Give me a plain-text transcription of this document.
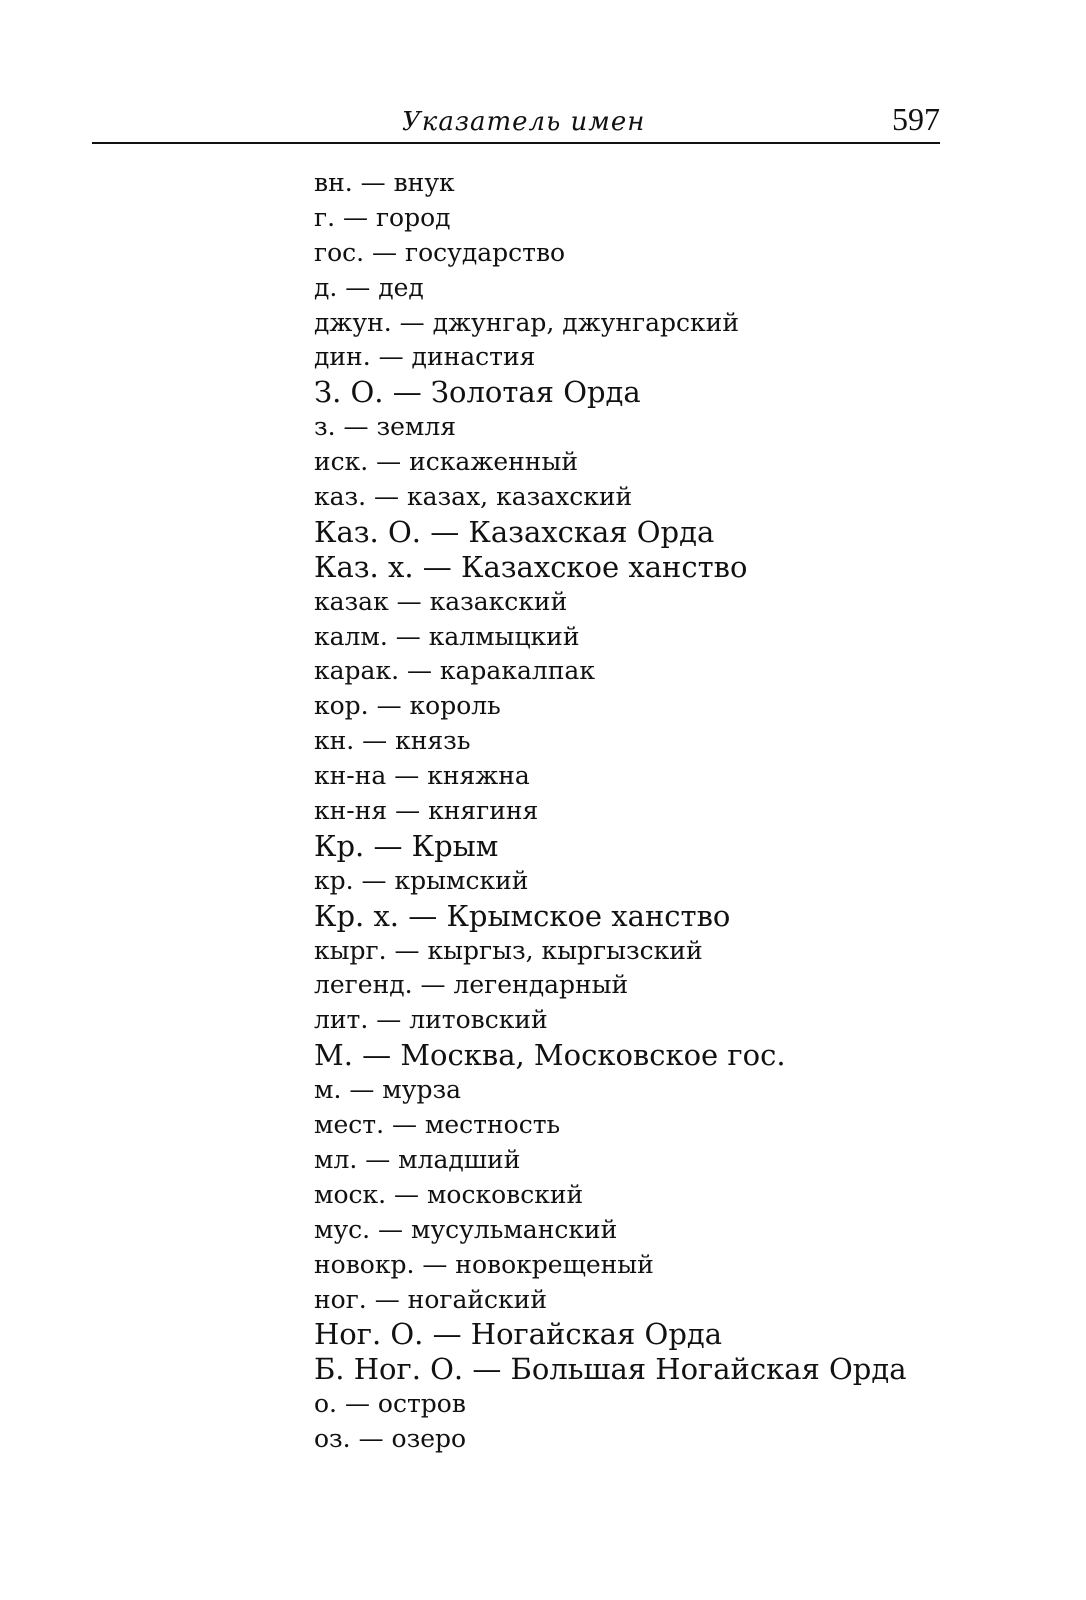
Указатель имен	597
вн. — внук
г. — город
гос. — государство
д. — дед
джун. — джунгар, джунгарский
дин. — династия
З. О. — Золотая Орда
з. — земля
иск. — искаженный
каз. — казах, казахский
Каз. О. — Казахская Орда
Каз. х. — Казахское ханство
казак — казакский
калм. — калмыцкий
карак. — каракалпак
кор. — король
кн. — князь
кн-на — княжна
кн-ня — княгиня
Кр. — Крым
кр. — крымский
Кр. х. — Крымское ханство
кырг. — кыргыз, кыргызский
легенд. — легендарный
лит. — литовский
М. — Москва, Московское гос.
м. — мурза
мест. — местность
мл. — младший
моск. — московский
мус. — мусульманский
новокр. — новокрещеный
ног. — ногайский
Ног. О. — Ногайская Орда
Б. Ног. О. — Большая Ногайская Орда
о. — остров
оз. — озеро
